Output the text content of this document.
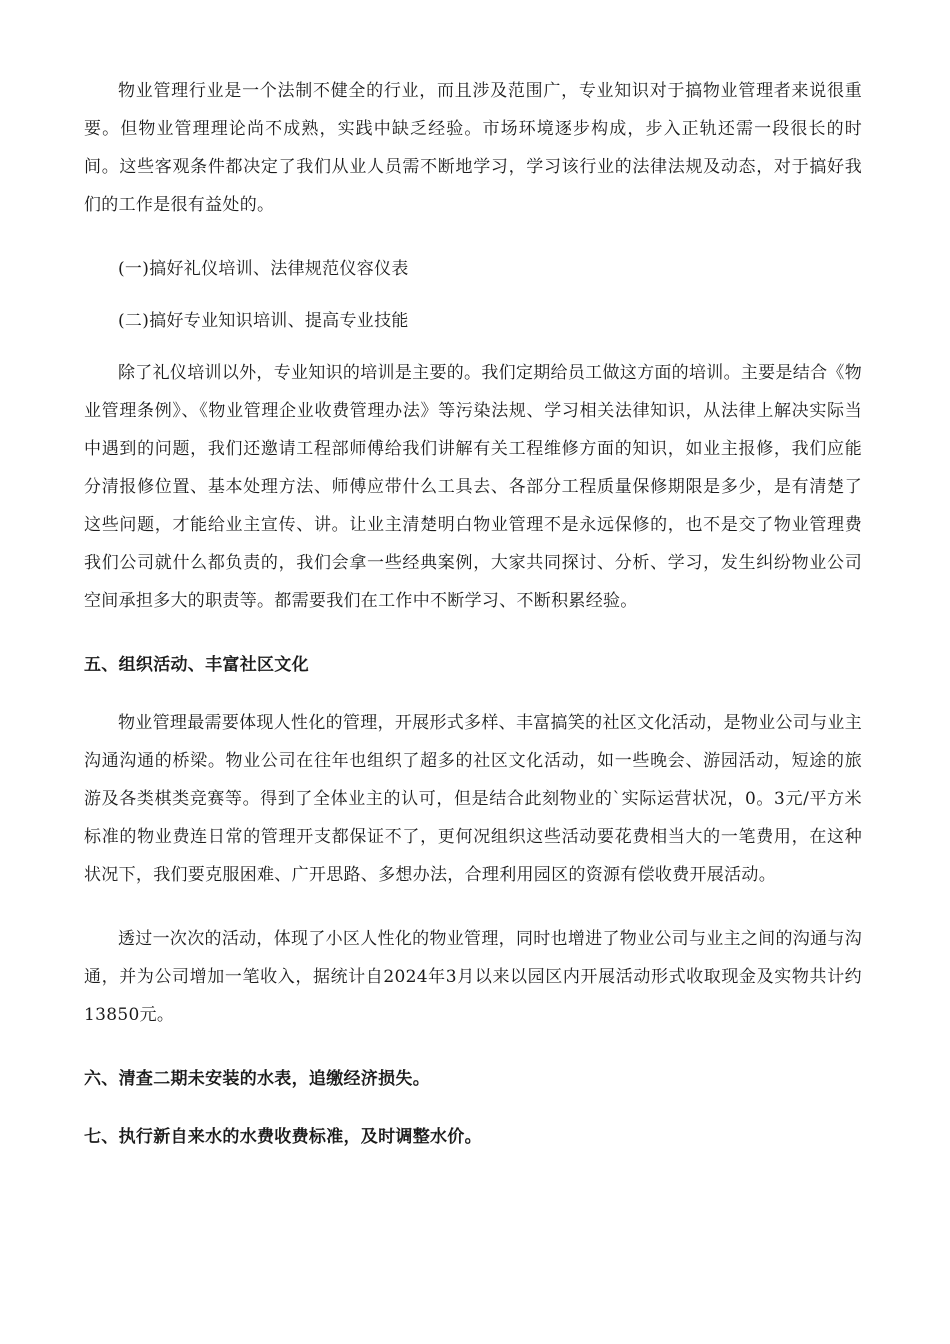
物业管理行业是一个法制不健全的行业，而且涉及范围广，专业知识对于搞物业管理者来说很重要。但物业管理理论尚不成熟，实践中缺乏经验。市场环境逐步构成，步入正轨还需一段很长的时间。这些客观条件都决定了我们从业人员需不断地学习，学习该行业的法律法规及动态，对于搞好我们的工作是很有益处的。

(一)搞好礼仪培训、法律规范仪容仪表

(二)搞好专业知识培训、提高专业技能

除了礼仪培训以外，专业知识的培训是主要的。我们定期给员工做这方面的培训。主要是结合《物业管理条例》、《物业管理企业收费管理办法》等污染法规、学习相关法律知识，从法律上解决实际当中遇到的问题，我们还邀请工程部师傅给我们讲解有关工程维修方面的知识，如业主报修，我们应能分清报修位置、基本处理方法、师傅应带什么工具去、各部分工程质量保修期限是多少，是有清楚了这些问题，才能给业主宣传、讲。让业主清楚明白物业管理不是永远保修的，也不是交了物业管理费我们公司就什么都负责的，我们会拿一些经典案例，大家共同探讨、分析、学习，发生纠纷物业公司空间承担多大的职责等。都需要我们在工作中不断学习、不断积累经验。

五、组织活动、丰富社区文化

物业管理最需要体现人性化的管理，开展形式多样、丰富搞笑的社区文化活动，是物业公司与业主沟通沟通的桥梁。物业公司在往年也组织了超多的社区文化活动，如一些晚会、游园活动，短途的旅游及各类棋类竞赛等。得到了全体业主的认可，但是结合此刻物业的`实际运营状况，0。3元/平方米标准的物业费连日常的管理开支都保证不了，更何况组织这些活动要花费相当大的一笔费用，在这种状况下，我们要克服困难、广开思路、多想办法，合理利用园区的资源有偿收费开展活动。

透过一次次的活动，体现了小区人性化的物业管理，同时也增进了物业公司与业主之间的沟通与沟通，并为公司增加一笔收入，据统计自2024年3月以来以园区内开展活动形式收取现金及实物共计约13850元。

六、清查二期未安装的水表，追缴经济损失。

七、执行新自来水的水费收费标准，及时调整水价。
